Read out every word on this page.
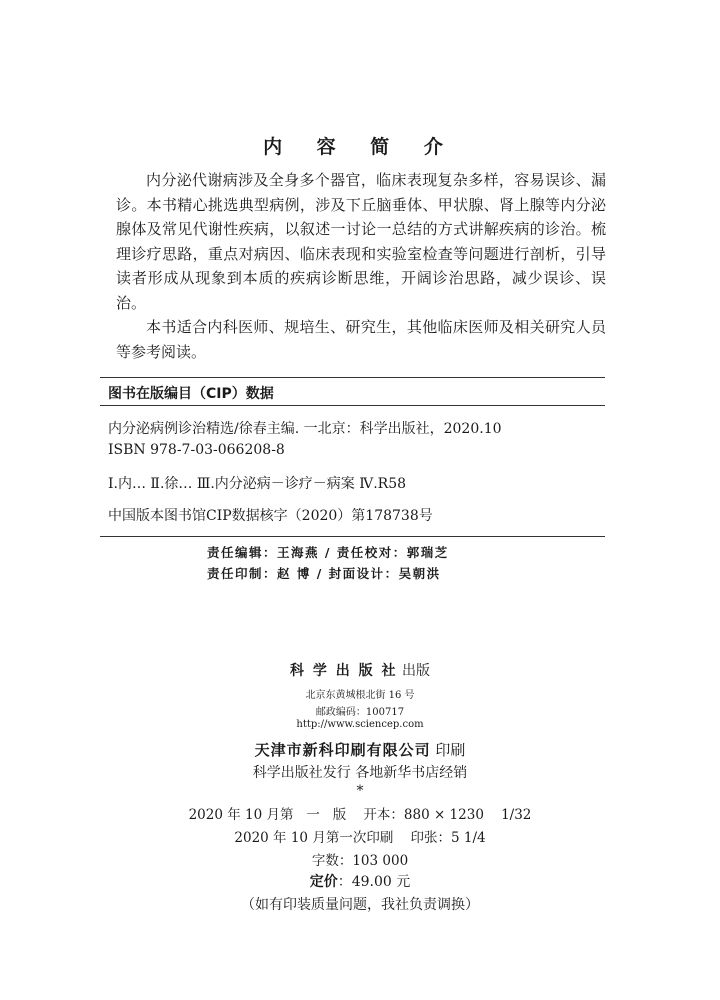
内 容 简 介

内分泌代谢病涉及全身多个器官，临床表现复杂多样，容易误诊、漏诊。本书精心挑选典型病例，涉及下丘脑垂体、甲状腺、肾上腺等内分泌腺体及常见代谢性疾病，以叙述一讨论一总结的方式讲解疾病的诊治。梳理诊疗思路，重点对病因、临床表现和实验室检查等问题进行剖析，引导读者形成从现象到本质的疾病诊断思维，开阔诊治思路，减少误诊、误治。

本书适合内科医师、规培生、研究生，其他临床医师及相关研究人员等参考阅读。

图书在版编目（CIP）数据
内分泌病例诊治精选/徐春主编. 一北京：科学出版社，2020.10
ISBN 978-7-03-066208-8
Ⅰ.内… Ⅱ.徐… Ⅲ.内分泌病－诊疗－病案 Ⅳ.R58
中国版本图书馆CIP数据核字（2020）第178738号
责任编辑：王海燕 / 责任校对：郭瑞芝
责任印制：赵 博 / 封面设计：吴朝洪
科 学 出 版 社 出版
北京东黄城根北街 16 号
邮政编码：100717
http://www.sciencep.com
天津市新科印刷有限公司 印刷
科学出版社发行 各地新华书店经销
*
2020 年 10 月第   一   版    开本：880 × 1230    1/32
2020 年 10 月第一次印刷    印张：5 1/4
字数：103 000
定价：49.00 元
（如有印装质量问题，我社负责调换）
